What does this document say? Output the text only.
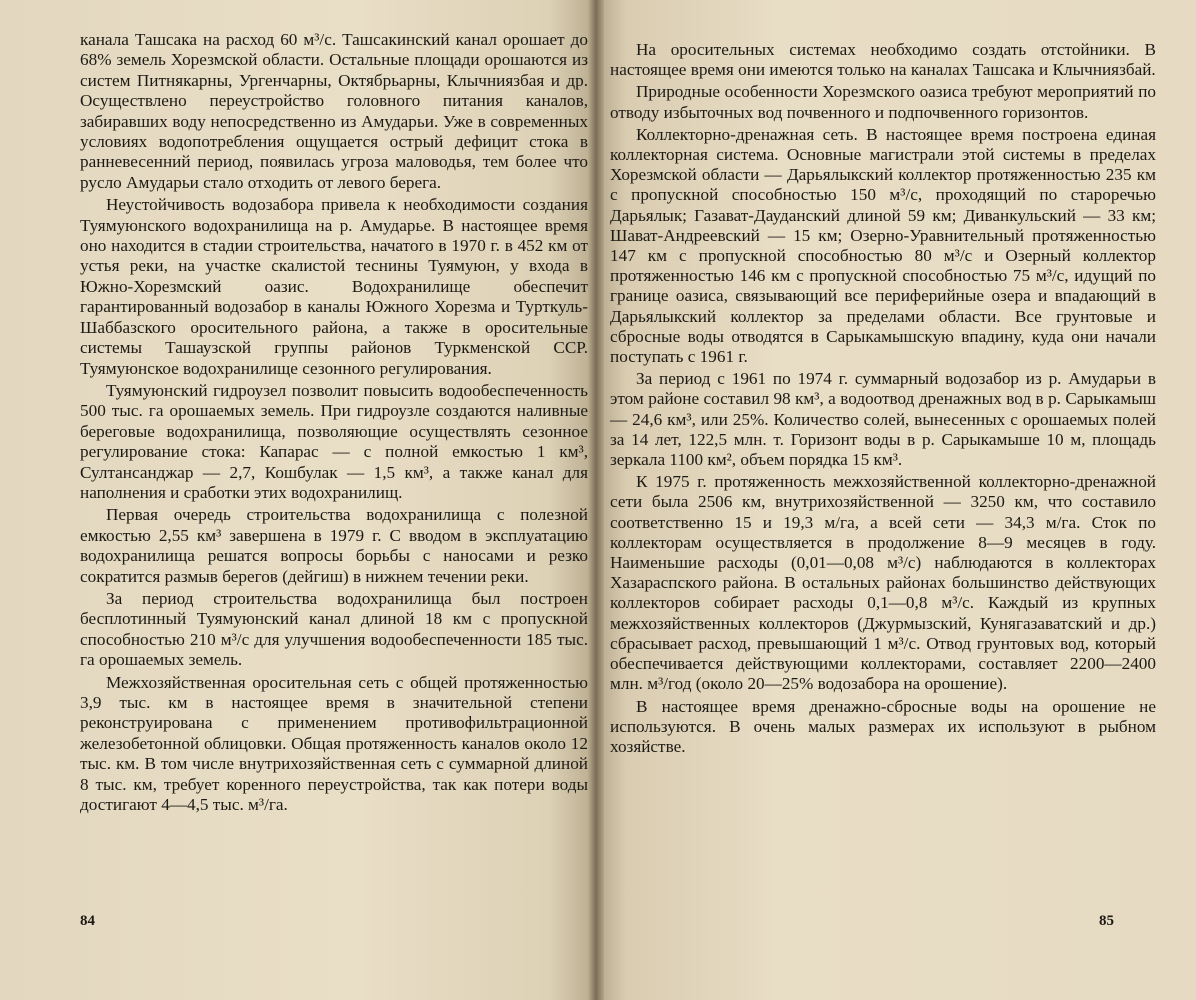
канала Ташсака на расход 60 м³/с. Ташсакинский канал орошает до 68% земель Хорезмской области. Остальные площади орошаются из систем Питнякарны, Ургенчарны, Октябрьарны, Клычниязбая и др. Осуществлено переустройство головного питания каналов, забиравших воду непосредственно из Амударьи. Уже в современных условиях водопотребления ощущается острый дефицит стока в ранневесенний период, появилась угроза маловодья, тем более что русло Амударьи стало отходить от левого берега.

Неустойчивость водозабора привела к необходимости создания Туямуюнского водохранилища на р. Амударье. В настоящее время оно находится в стадии строительства, начатого в 1970 г. в 452 км от устья реки, на участке скалистой теснины Туямуюн, у входа в Южно-Хорезмский оазис. Водохранилище обеспечит гарантированный водозабор в каналы Южного Хорезма и Турткуль-Шаббазского оросительного района, а также в оросительные системы Ташаузской группы районов Туркменской ССР. Туямуюнское водохранилище сезонного регулирования.

Туямуюнский гидроузел позволит повысить водообеспеченность 500 тыс. га орошаемых земель. При гидроузле создаются наливные береговые водохранилища, позволяющие осуществлять сезонное регулирование стока: Капарас — с полной емкостью 1 км³, Султансанджар — 2,7, Кошбулак — 1,5 км³, а также канал для наполнения и сработки этих водохранилищ.

Первая очередь строительства водохранилища с полезной емкостью 2,55 км³ завершена в 1979 г. С вводом в эксплуатацию водохранилища решатся вопросы борьбы с наносами и резко сократится размыв берегов (дейгиш) в нижнем течении реки.

За период строительства водохранилища был построен бесплотинный Туямуюнский канал длиной 18 км с пропускной способностью 210 м³/с для улучшения водообеспеченности 185 тыс. га орошаемых земель.

Межхозяйственная оросительная сеть с общей протяженностью 3,9 тыс. км в настоящее время в значительной степени реконструирована с применением противофильтрационной железобетонной облицовки. Общая протяженность каналов около 12 тыс. км. В том числе внутрихозяйственная сеть с суммарной длиной 8 тыс. км, требует коренного переустройства, так как потери воды достигают 4—4,5 тыс. м³/га.

84

На оросительных системах необходимо создать отстойники. В настоящее время они имеются только на каналах Ташсака и Клычниязбай.

Природные особенности Хорезмского оазиса требуют мероприятий по отводу избыточных вод почвенного и подпочвенного горизонтов.

Коллекторно-дренажная сеть. В настоящее время построена единая коллекторная система. Основные магистрали этой системы в пределах Хорезмской области — Дарьялыкский коллектор протяженностью 235 км с пропускной способностью 150 м³/с, проходящий по староречью Дарьялык; Газават-Дауданский длиной 59 км; Диванкульский — 33 км; Шават-Андреевский — 15 км; Озерно-Уравнительный протяженностью 147 км с пропускной способностью 80 м³/с и Озерный коллектор протяженностью 146 км с пропускной способностью 75 м³/с, идущий по границе оазиса, связывающий все периферийные озера и впадающий в Дарьялыкский коллектор за пределами области. Все грунтовые и сбросные воды отводятся в Сарыкамышскую впадину, куда они начали поступать с 1961 г.

За период с 1961 по 1974 г. суммарный водозабор из р. Амударьи в этом районе составил 98 км³, а водоотвод дренажных вод в р. Сарыкамыш — 24,6 км³, или 25%. Количество солей, вынесенных с орошаемых полей за 14 лет, 122,5 млн. т. Горизонт воды в р. Сарыкамыше 10 м, площадь зеркала 1100 км², объем порядка 15 км³.

К 1975 г. протяженность межхозяйственной коллекторно-дренажной сети была 2506 км, внутрихозяйственной — 3250 км, что составило соответственно 15 и 19,3 м/га, а всей сети — 34,3 м/га. Сток по коллекторам осуществляется в продолжение 8—9 месяцев в году. Наименьшие расходы (0,01—0,08 м³/с) наблюдаются в коллекторах Хазараспского района. В остальных районах большинство действующих коллекторов собирает расходы 0,1—0,8 м³/с. Каждый из крупных межхозяйственных коллекторов (Джурмызский, Кунягазаватский и др.) сбрасывает расход, превышающий 1 м³/с. Отвод грунтовых вод, который обеспечивается действующими коллекторами, составляет 2200—2400 млн. м³/год (около 20—25% водозабора на орошение).

В настоящее время дренажно-сбросные воды на орошение не используются. В очень малых размерах их используют в рыбном хозяйстве.

85
